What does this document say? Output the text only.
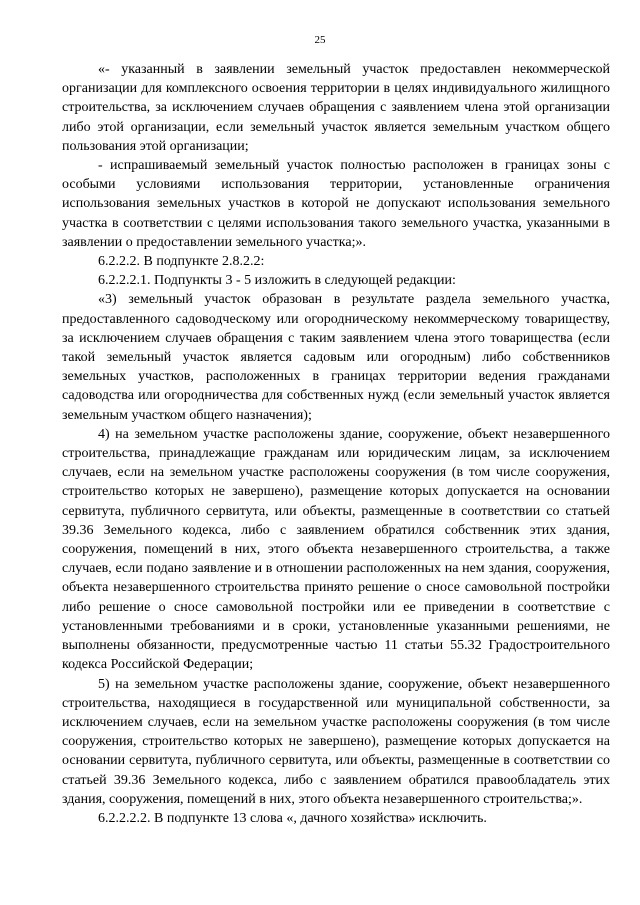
25

«- указанный в заявлении земельный участок предоставлен некоммерческой организации для комплексного освоения территории в целях индивидуального жилищного строительства, за исключением случаев обращения с заявлением члена этой организации либо этой организации, если земельный участок является земельным участком общего пользования этой организации;

- испрашиваемый земельный участок полностью расположен в границах зоны с особыми условиями использования территории, установленные ограничения использования земельных участков в которой не допускают использования земельного участка в соответствии с целями использования такого земельного участка, указанными в заявлении о предоставлении земельного участка;».

6.2.2.2. В подпункте 2.8.2.2:

6.2.2.2.1. Подпункты 3 - 5 изложить в следующей редакции:

«3) земельный участок образован в результате раздела земельного участка, предоставленного садоводческому или огородническому некоммерческому товариществу, за исключением случаев обращения с таким заявлением члена этого товарищества (если такой земельный участок является садовым или огородным) либо собственников земельных участков, расположенных в границах территории ведения гражданами садоводства или огородничества для собственных нужд (если земельный участок является земельным участком общего назначения);

4) на земельном участке расположены здание, сооружение, объект незавершенного строительства, принадлежащие гражданам или юридическим лицам, за исключением случаев, если на земельном участке расположены сооружения (в том числе сооружения, строительство которых не завершено), размещение которых допускается на основании сервитута, публичного сервитута, или объекты, размещенные в соответствии со статьей 39.36 Земельного кодекса, либо с заявлением обратился собственник этих здания, сооружения, помещений в них, этого объекта незавершенного строительства, а также случаев, если подано заявление и в отношении расположенных на нем здания, сооружения, объекта незавершенного строительства принято решение о сносе самовольной постройки либо решение о сносе самовольной постройки или ее приведении в соответствие с установленными требованиями и в сроки, установленные указанными решениями, не выполнены обязанности, предусмотренные частью 11 статьи 55.32 Градостроительного кодекса Российской Федерации;

5) на земельном участке расположены здание, сооружение, объект незавершенного строительства, находящиеся в государственной или муниципальной собственности, за исключением случаев, если на земельном участке расположены сооружения (в том числе сооружения, строительство которых не завершено), размещение которых допускается на основании сервитута, публичного сервитута, или объекты, размещенные в соответствии со статьей 39.36 Земельного кодекса, либо с заявлением обратился правообладатель этих здания, сооружения, помещений в них, этого объекта незавершенного строительства;».

6.2.2.2.2. В подпункте 13 слова «, дачного хозяйства» исключить.
